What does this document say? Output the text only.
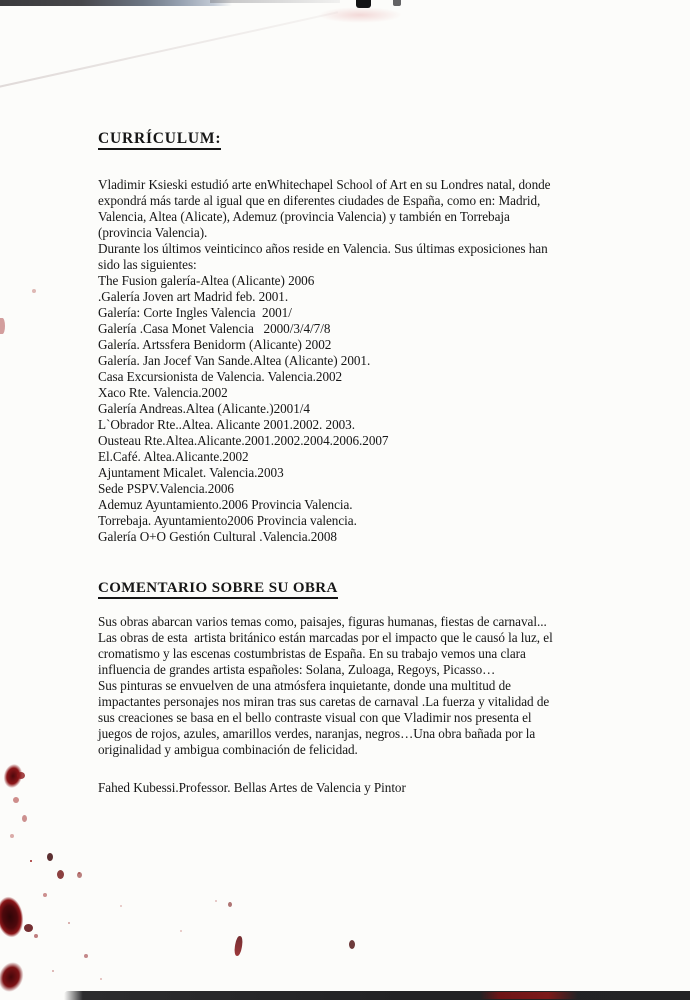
CURRÍCULUM:
Vladimir Ksieski estudió arte enWhitechapel School of Art en su Londres natal, donde
expondrá más tarde al igual que en diferentes ciudades de España, como en: Madrid,
Valencia, Altea (Alicate), Ademuz (provincia Valencia) y también en Torrebaja
(provincia Valencia).
Durante los últimos veinticinco años reside en Valencia. Sus últimas exposiciones han
sido las siguientes:
The Fusion galería-Altea (Alicante) 2006
.Galería Joven art Madrid feb. 2001.
Galería: Corte Ingles Valencia  2001/
Galería .Casa Monet Valencia   2000/3/4/7/8
Galería. Artssfera Benidorm (Alicante) 2002
Galería. Jan Jocef Van Sande.Altea (Alicante) 2001.
Casa Excursionista de Valencia. Valencia.2002
Xaco Rte. Valencia.2002
Galería Andreas.Altea (Alicante.)2001/4
L`Obrador Rte..Altea. Alicante 2001.2002. 2003.
Ousteau Rte.Altea.Alicante.2001.2002.2004.2006.2007
El.Café. Altea.Alicante.2002
Ajuntament Micalet. Valencia.2003
Sede PSPV.Valencia.2006
Ademuz Ayuntamiento.2006 Provincia Valencia.
Torrebaja. Ayuntamiento2006 Provincia valencia.
Galería O+O Gestión Cultural .Valencia.2008
COMENTARIO SOBRE SU OBRA
Sus obras abarcan varios temas como, paisajes, figuras humanas, fiestas de carnaval...
Las obras de esta  artista británico están marcadas por el impacto que le causó la luz, el
cromatismo y las escenas costumbristas de España. En su trabajo vemos una clara
influencia de grandes artista españoles: Solana, Zuloaga, Regoys, Picasso…
Sus pinturas se envuelven de una atmósfera inquietante, donde una multitud de
impactantes personajes nos miran tras sus caretas de carnaval .La fuerza y vitalidad de
sus creaciones se basa en el bello contraste visual con que Vladimir nos presenta el
juegos de rojos, azules, amarillos verdes, naranjas, negros…Una obra bañada por la
originalidad y ambigua combinación de felicidad.
Fahed Kubessi.Professor. Bellas Artes de Valencia y Pintor
